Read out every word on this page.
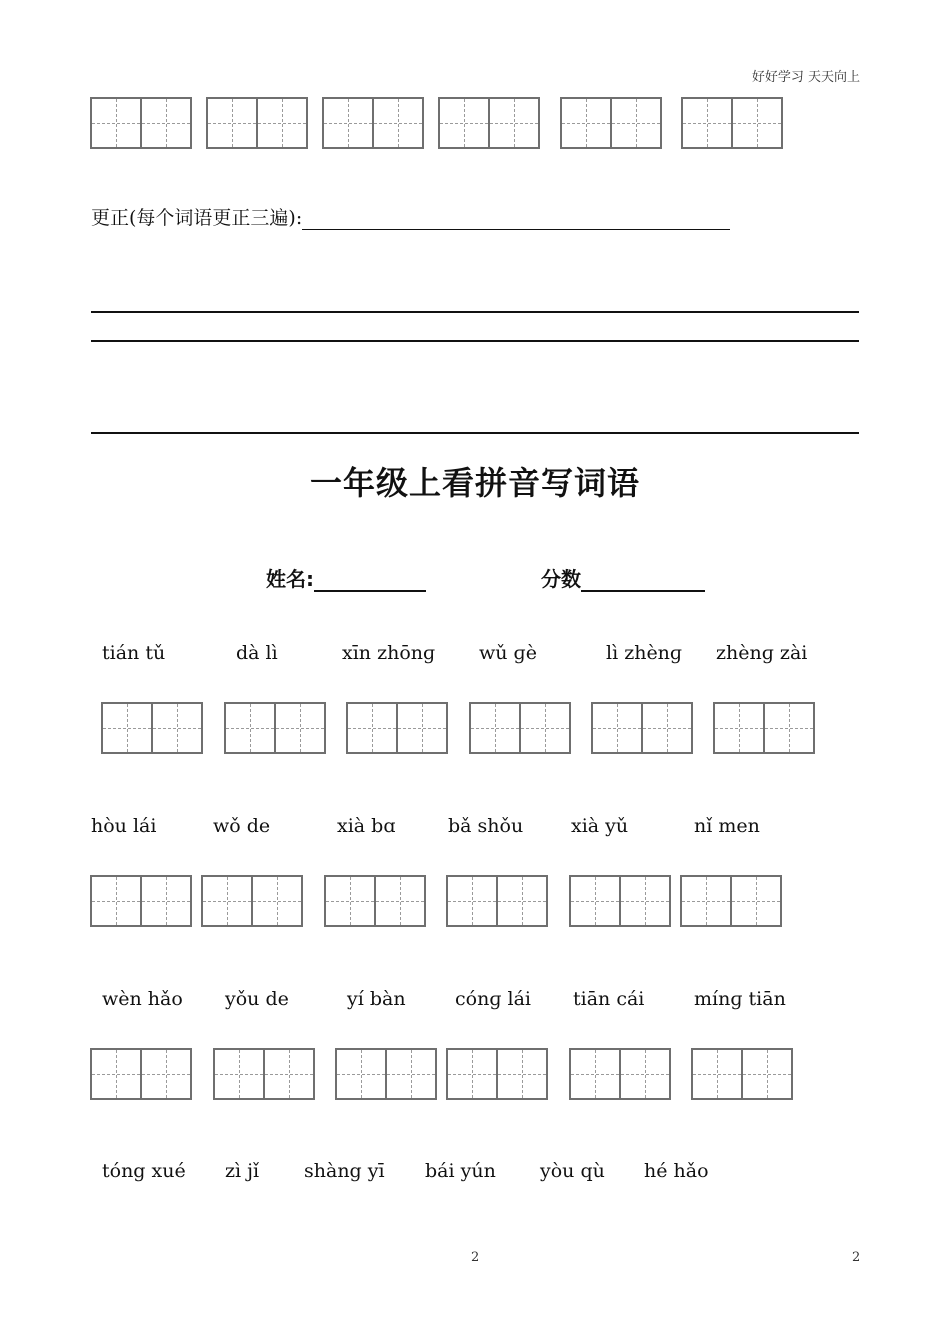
好好学习 天天向上
更正(每个词语更正三遍):
一年级上看拼音写词语
姓名:	分数
tián tǔ	dà lì	xīn zhōnɡ wǔ ɡè	lì zhènɡ zhènɡ zài
hòu lái	wǒ de	xià bɑ	bǎ shǒu	xià yǔ	nǐ men
wèn hǎo yǒu de	yí bàn	cónɡ lái tiān cái	mínɡ tiān
tóng xué zì jǐ shàng yī bái yún yòu qù hé hǎo
2	2
